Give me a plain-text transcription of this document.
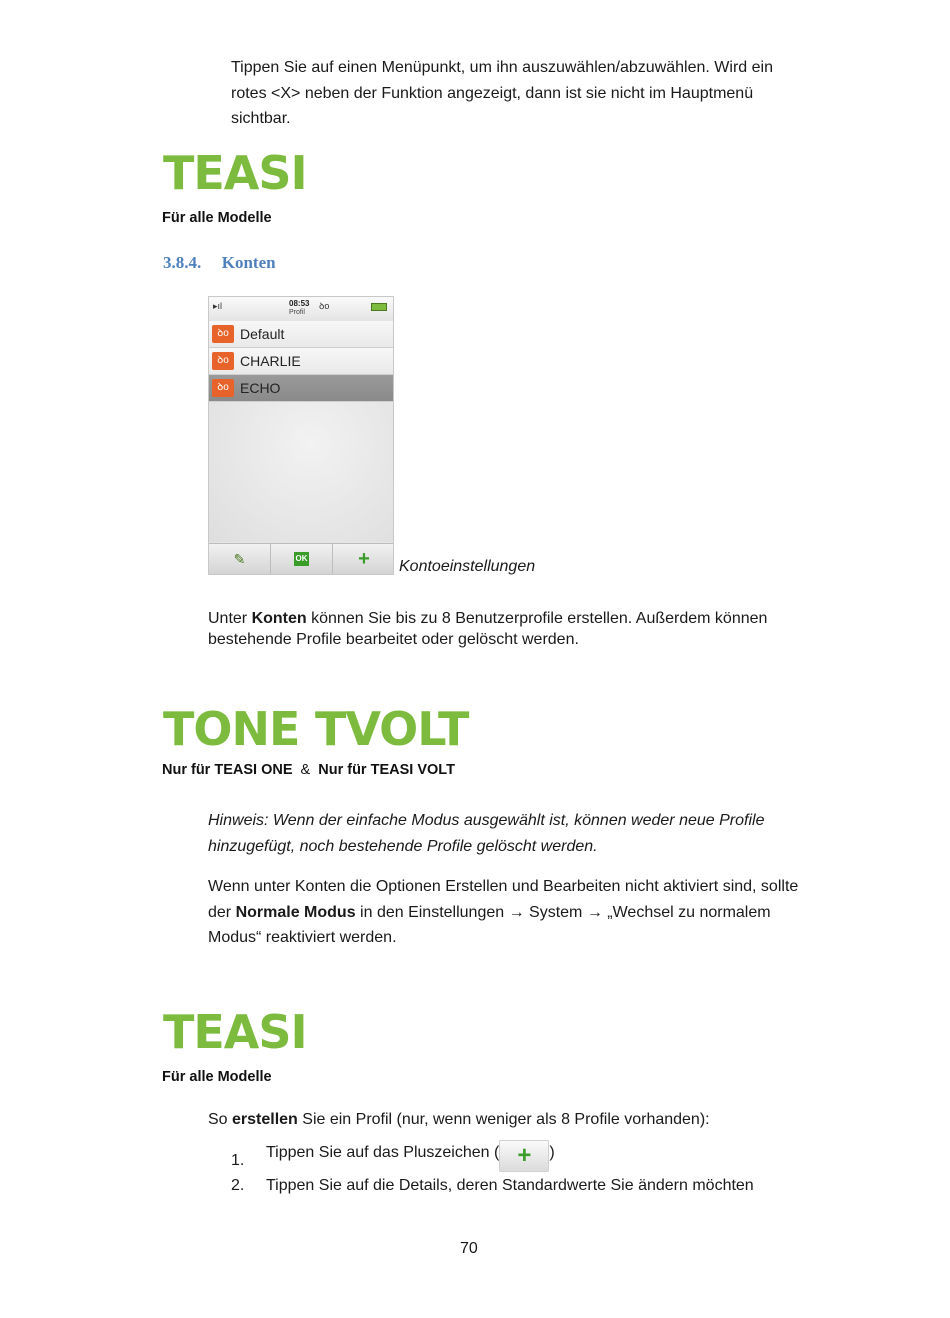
Tippen Sie auf einen Menüpunkt, um ihn auszuwählen/abzuwählen. Wird ein
rotes <X> neben der Funktion angezeigt, dann ist sie nicht im Hauptmenü
sichtbar.
TEASI
Für alle Modelle
3.8.4. Konten
▸ıl	08:53
Profil
ꝺo
ꝺo Default
ꝺo CHARLIE
ꝺo ECHO
✎	OK	+	Kontoeinstellungen
Unter Konten können Sie bis zu 8 Benutzerprofile erstellen. Außerdem können
bestehende Profile bearbeitet oder gelöscht werden.
TONE TVOLT
Nur für TEASI ONE & Nur für TEASI VOLT
Hinweis: Wenn der einfache Modus ausgewählt ist, können weder neue Profile
hinzugefügt, noch bestehende Profile gelöscht werden.
Wenn unter Konten die Optionen Erstellen und Bearbeiten nicht aktiviert sind, sollte
der Normale Modus in den Einstellungen → System → „Wechsel zu normalem
Modus“ reaktiviert werden.
TEASI
Für alle Modelle
So erstellen Sie ein Profil (nur, wenn weniger als 8 Profile vorhanden):
1. Tippen Sie auf das Pluszeichen ( + )
2. Tippen Sie auf die Details, deren Standardwerte Sie ändern möchten
70
